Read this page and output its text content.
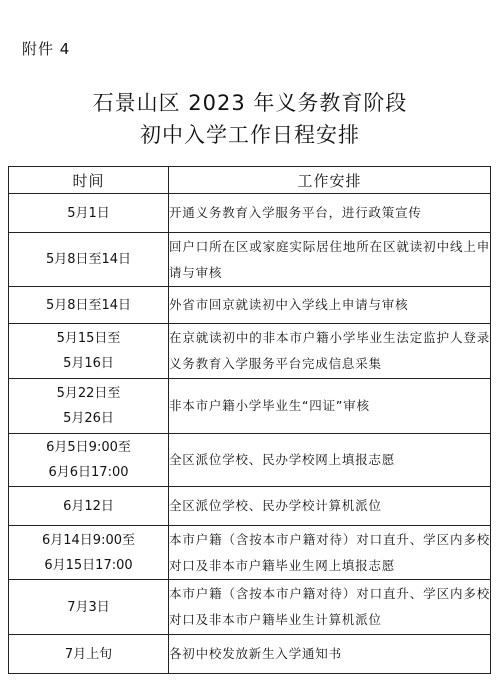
附件 4
石景山区 2023 年义务教育阶段
初中入学工作日程安排
时间	工作安排

5月1日	开通义务教育入学服务平台，进行政策宣传

5月8日至14日	回户口所在区或家庭实际居住地所在区就读初中线上申请与审核

5月8日至14日	外省市回京就读初中入学线上申请与审核

5月15日至
5月16日	在京就读初中的非本市户籍小学毕业生法定监护人登录义务教育入学服务平台完成信息采集

5月22日至
5月26日	非本市户籍小学毕业生“四证”审核

6月5日9:00至
6月6日17:00	全区派位学校、民办学校网上填报志愿

6月12日	全区派位学校、民办学校计算机派位

6月14日9:00至
6月15日17:00	本市户籍（含按本市户籍对待）对口直升、学区内多校对口及非本市户籍毕业生网上填报志愿

7月3日	本市户籍（含按本市户籍对待）对口直升、学区内多校对口及非本市户籍毕业生计算机派位

7月上旬	各初中校发放新生入学通知书
